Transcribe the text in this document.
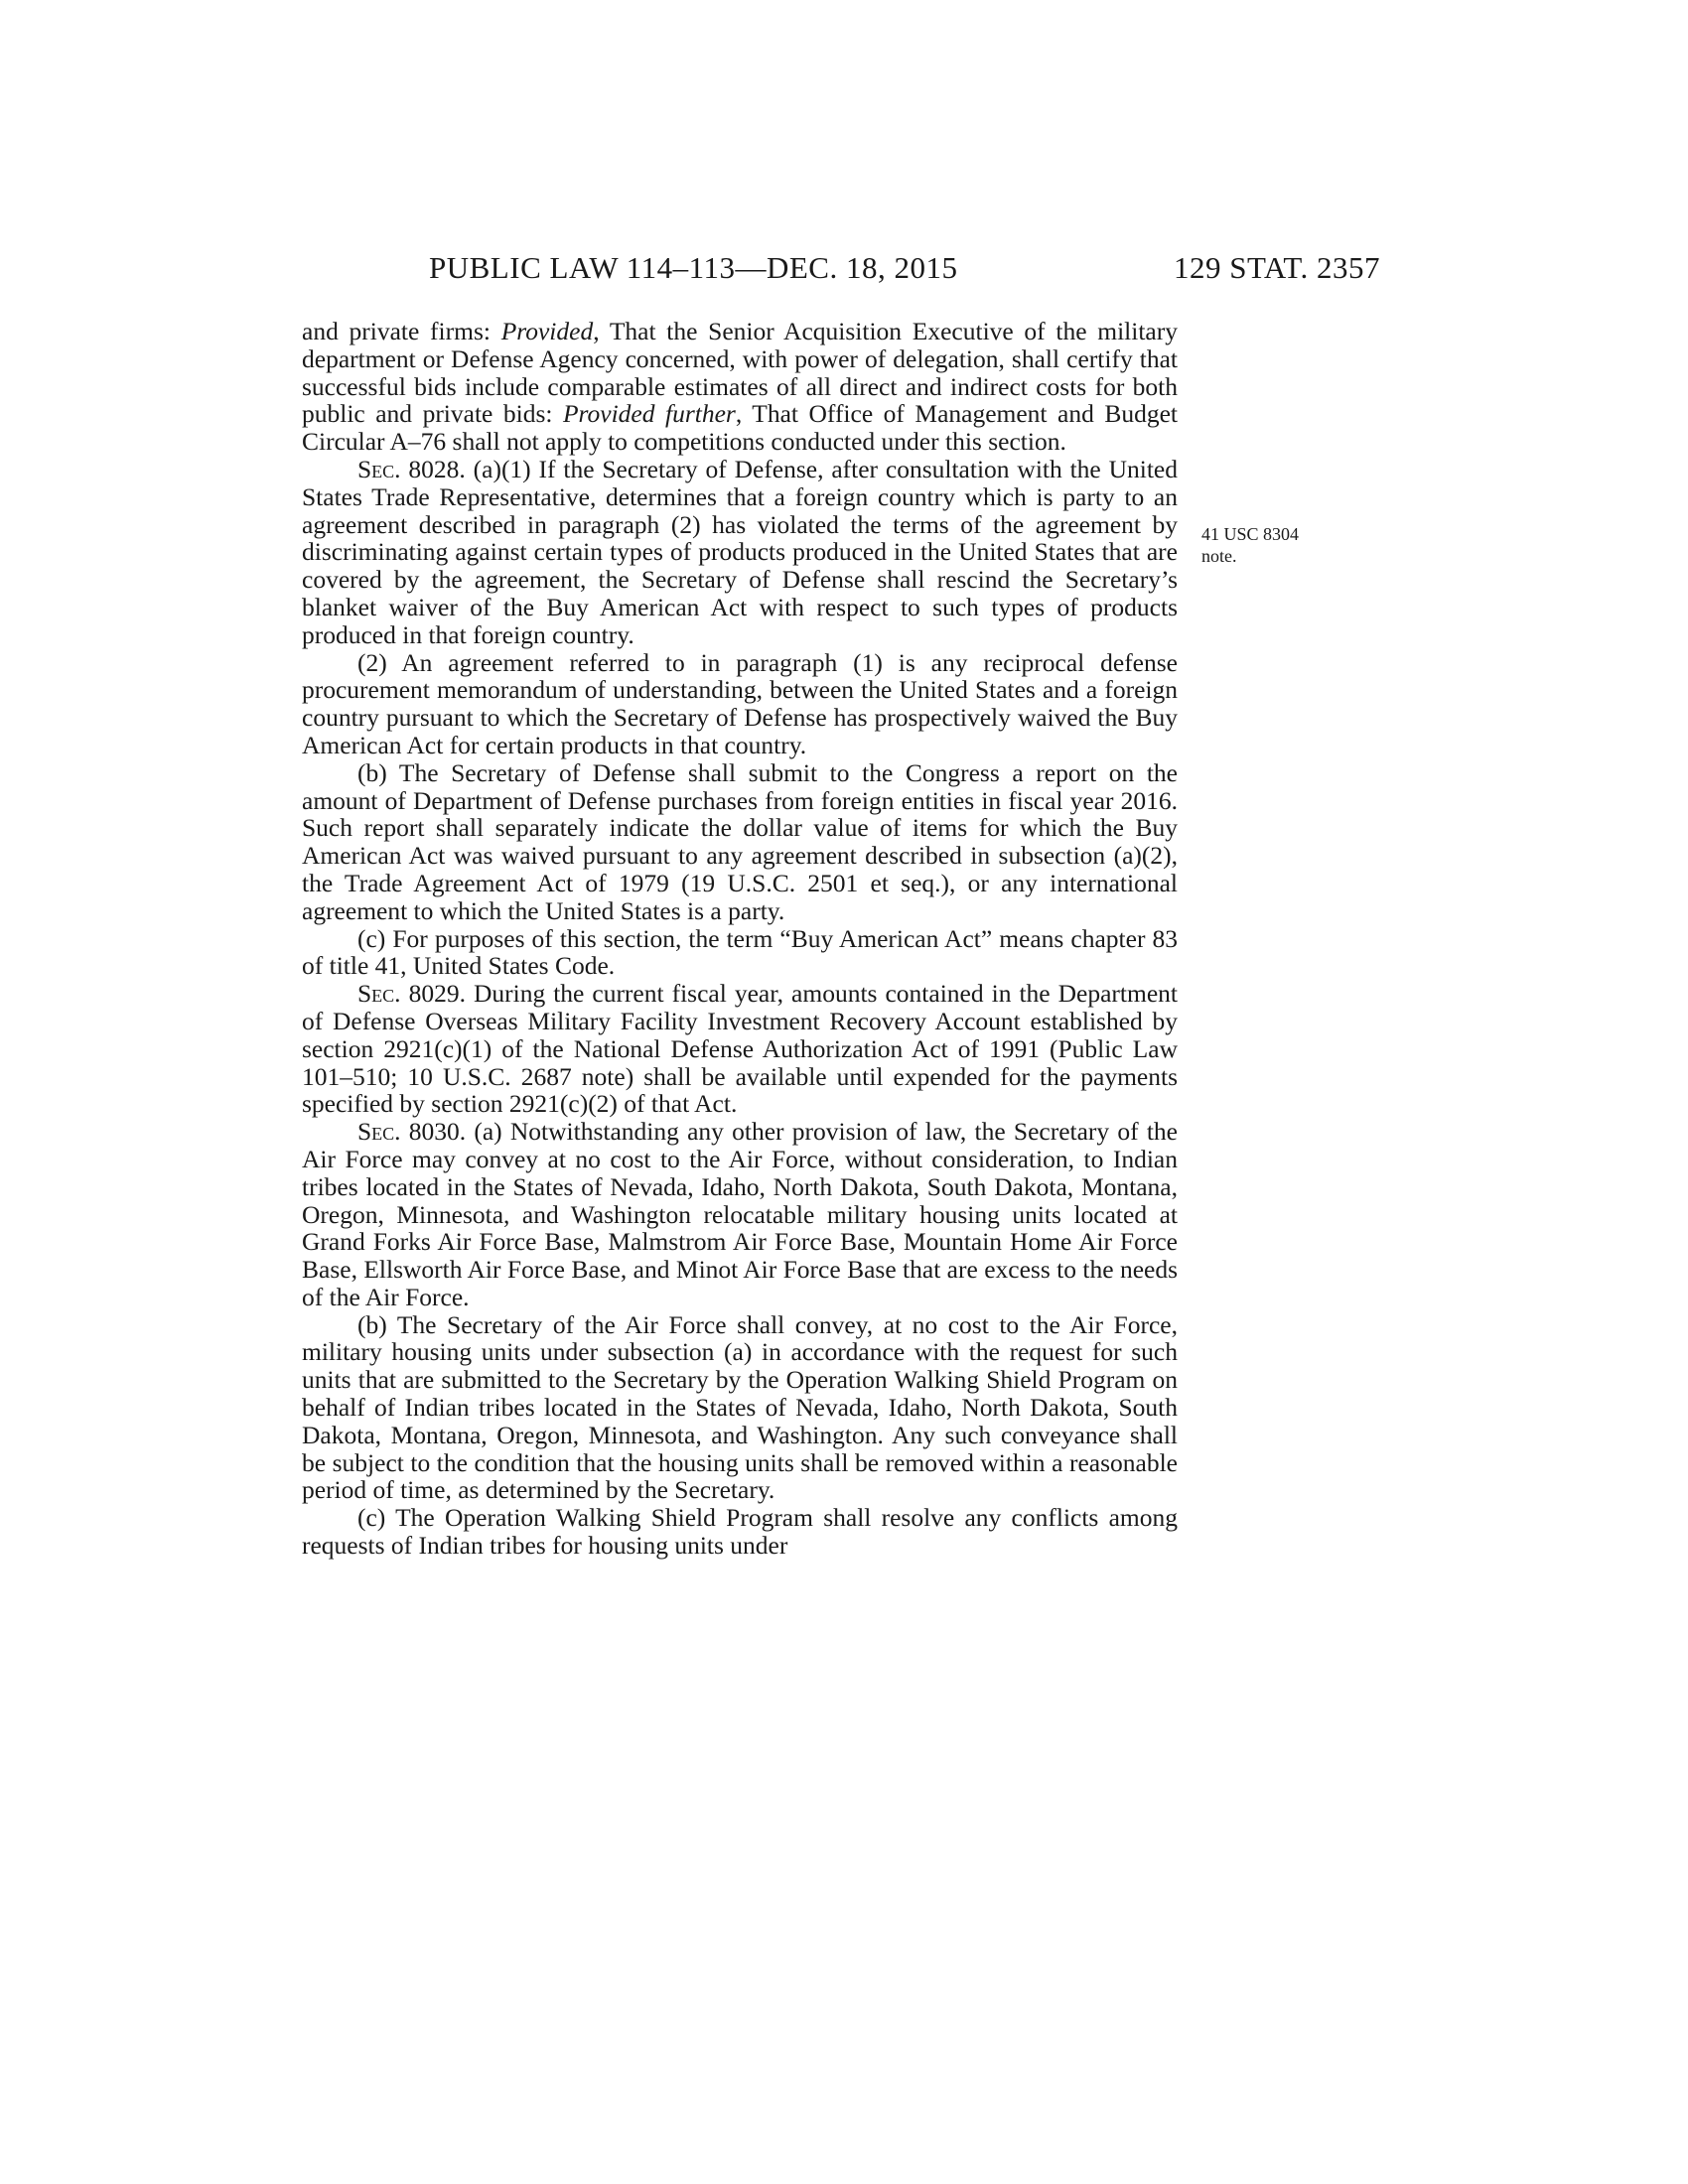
PUBLIC LAW 114–113—DEC. 18, 2015	129 STAT. 2357
41 USC 8304
note.

and private firms: Provided, That the Senior Acquisition Executive of the military department or Defense Agency concerned, with power of delegation, shall certify that successful bids include comparable estimates of all direct and indirect costs for both public and private bids: Provided further, That Office of Management and Budget Circular A–76 shall not apply to competitions conducted under this section.

Sec. 8028. (a)(1) If the Secretary of Defense, after consultation with the United States Trade Representative, determines that a foreign country which is party to an agreement described in paragraph (2) has violated the terms of the agreement by discriminating against certain types of products produced in the United States that are covered by the agreement, the Secretary of Defense shall rescind the Secretary’s blanket waiver of the Buy American Act with respect to such types of products produced in that foreign country.

(2) An agreement referred to in paragraph (1) is any reciprocal defense procurement memorandum of understanding, between the United States and a foreign country pursuant to which the Secretary of Defense has prospectively waived the Buy American Act for certain products in that country.

(b) The Secretary of Defense shall submit to the Congress a report on the amount of Department of Defense purchases from foreign entities in fiscal year 2016. Such report shall separately indicate the dollar value of items for which the Buy American Act was waived pursuant to any agreement described in subsection (a)(2), the Trade Agreement Act of 1979 (19 U.S.C. 2501 et seq.), or any international agreement to which the United States is a party.

(c) For purposes of this section, the term “Buy American Act” means chapter 83 of title 41, United States Code.

Sec. 8029. During the current fiscal year, amounts contained in the Department of Defense Overseas Military Facility Investment Recovery Account established by section 2921(c)(1) of the National Defense Authorization Act of 1991 (Public Law 101–510; 10 U.S.C. 2687 note) shall be available until expended for the payments specified by section 2921(c)(2) of that Act.

Sec. 8030. (a) Notwithstanding any other provision of law, the Secretary of the Air Force may convey at no cost to the Air Force, without consideration, to Indian tribes located in the States of Nevada, Idaho, North Dakota, South Dakota, Montana, Oregon, Minnesota, and Washington relocatable military housing units located at Grand Forks Air Force Base, Malmstrom Air Force Base, Mountain Home Air Force Base, Ellsworth Air Force Base, and Minot Air Force Base that are excess to the needs of the Air Force.

(b) The Secretary of the Air Force shall convey, at no cost to the Air Force, military housing units under subsection (a) in accordance with the request for such units that are submitted to the Secretary by the Operation Walking Shield Program on behalf of Indian tribes located in the States of Nevada, Idaho, North Dakota, South Dakota, Montana, Oregon, Minnesota, and Washington. Any such conveyance shall be subject to the condition that the housing units shall be removed within a reasonable period of time, as determined by the Secretary.

(c) The Operation Walking Shield Program shall resolve any conflicts among requests of Indian tribes for housing units under
